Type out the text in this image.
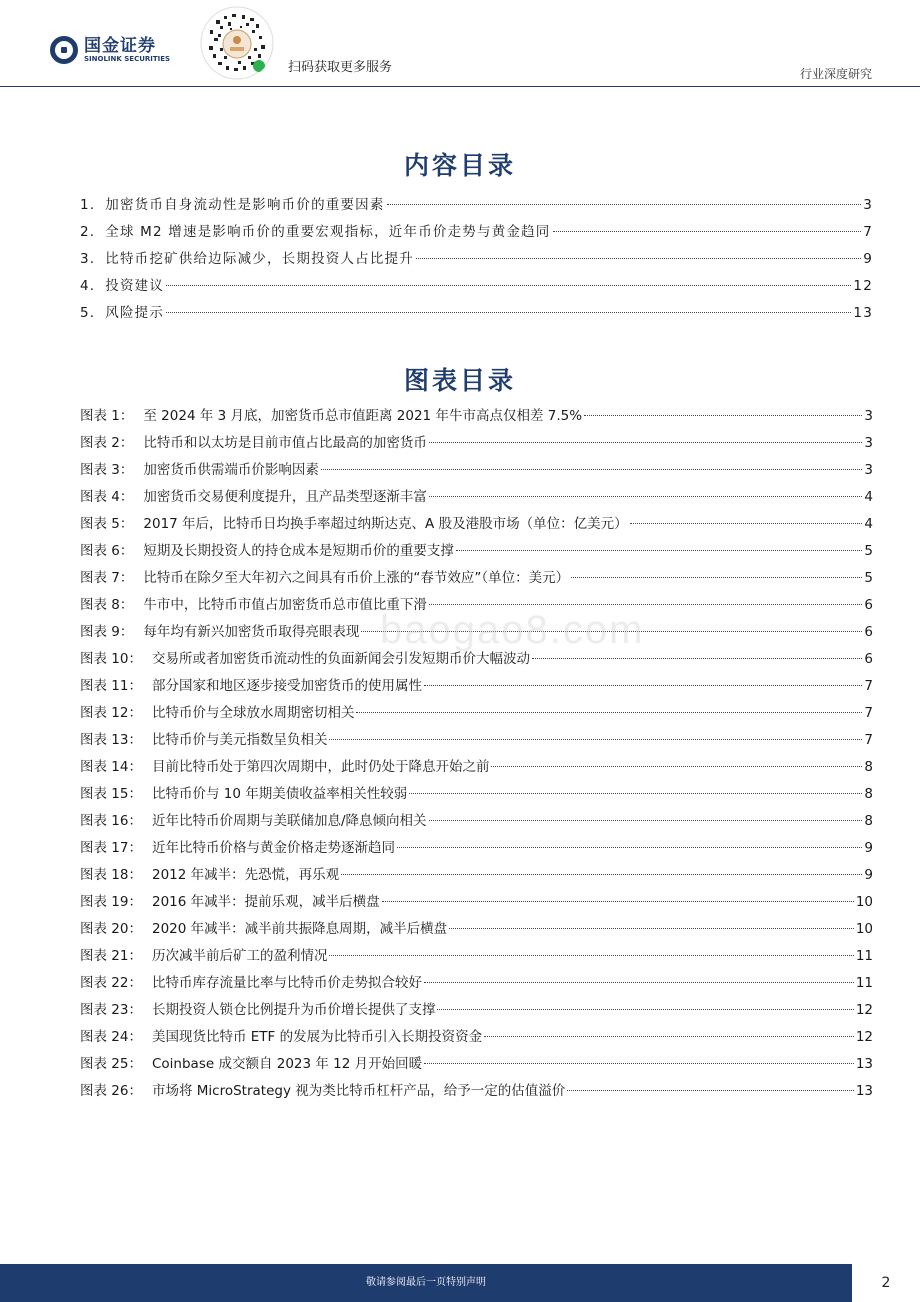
国金证券
SINOLINK SECURITIES
扫码获取更多服务	行业深度研究
内容目录
1. 加密货币自身流动性是影响币价的重要因素	3
2. 全球 M2 增速是影响币价的重要宏观指标，近年币价走势与黄金趋同	7
3. 比特币挖矿供给边际减少，长期投资人占比提升	9
4. 投资建议	12
5. 风险提示	13
图表目录
图表 1： 至 2024 年 3 月底，加密货币总市值距离 2021 年牛市高点仅相差 7.5%	3
图表 2： 比特币和以太坊是目前市值占比最高的加密货币	3
图表 3： 加密货币供需端币价影响因素	3
图表 4： 加密货币交易便利度提升，且产品类型逐渐丰富	4
图表 5： 2017 年后，比特币日均换手率超过纳斯达克、A 股及港股市场（单位：亿美元）	4
图表 6： 短期及长期投资人的持仓成本是短期币价的重要支撑	5
图表 7： 比特币在除夕至大年初六之间具有币价上涨的“春节效应”（单位：美元）	5
图表 8： 牛市中，比特币市值占加密货币总市值比重下滑	6
图表 9： 每年均有新兴加密货币取得亮眼表现	6
图表 10： 交易所或者加密货币流动性的负面新闻会引发短期币价大幅波动	6
图表 11： 部分国家和地区逐步接受加密货币的使用属性	7
图表 12： 比特币价与全球放水周期密切相关	7
图表 13： 比特币价与美元指数呈负相关	7
图表 14： 目前比特币处于第四次周期中，此时仍处于降息开始之前	8
图表 15： 比特币价与 10 年期美债收益率相关性较弱	8
图表 16： 近年比特币价周期与美联储加息/降息倾向相关	8
图表 17： 近年比特币价格与黄金价格走势逐渐趋同	9
图表 18： 2012 年减半：先恐慌，再乐观	9
图表 19： 2016 年减半：提前乐观，减半后横盘	10
图表 20： 2020 年减半：减半前共振降息周期，减半后横盘	10
图表 21： 历次减半前后矿工的盈利情况	11
图表 22： 比特币库存流量比率与比特币价走势拟合较好	11
图表 23： 长期投资人锁仓比例提升为币价增长提供了支撑	12
图表 24： 美国现货比特币 ETF 的发展为比特币引入长期投资资金	12
图表 25： Coinbase 成交额自 2023 年 12 月开始回暖	13
图表 26： 市场将 MicroStrategy 视为类比特币杠杆产品，给予一定的估值溢价	13
baogao8.com
敬请参阅最后一页特别声明	2
